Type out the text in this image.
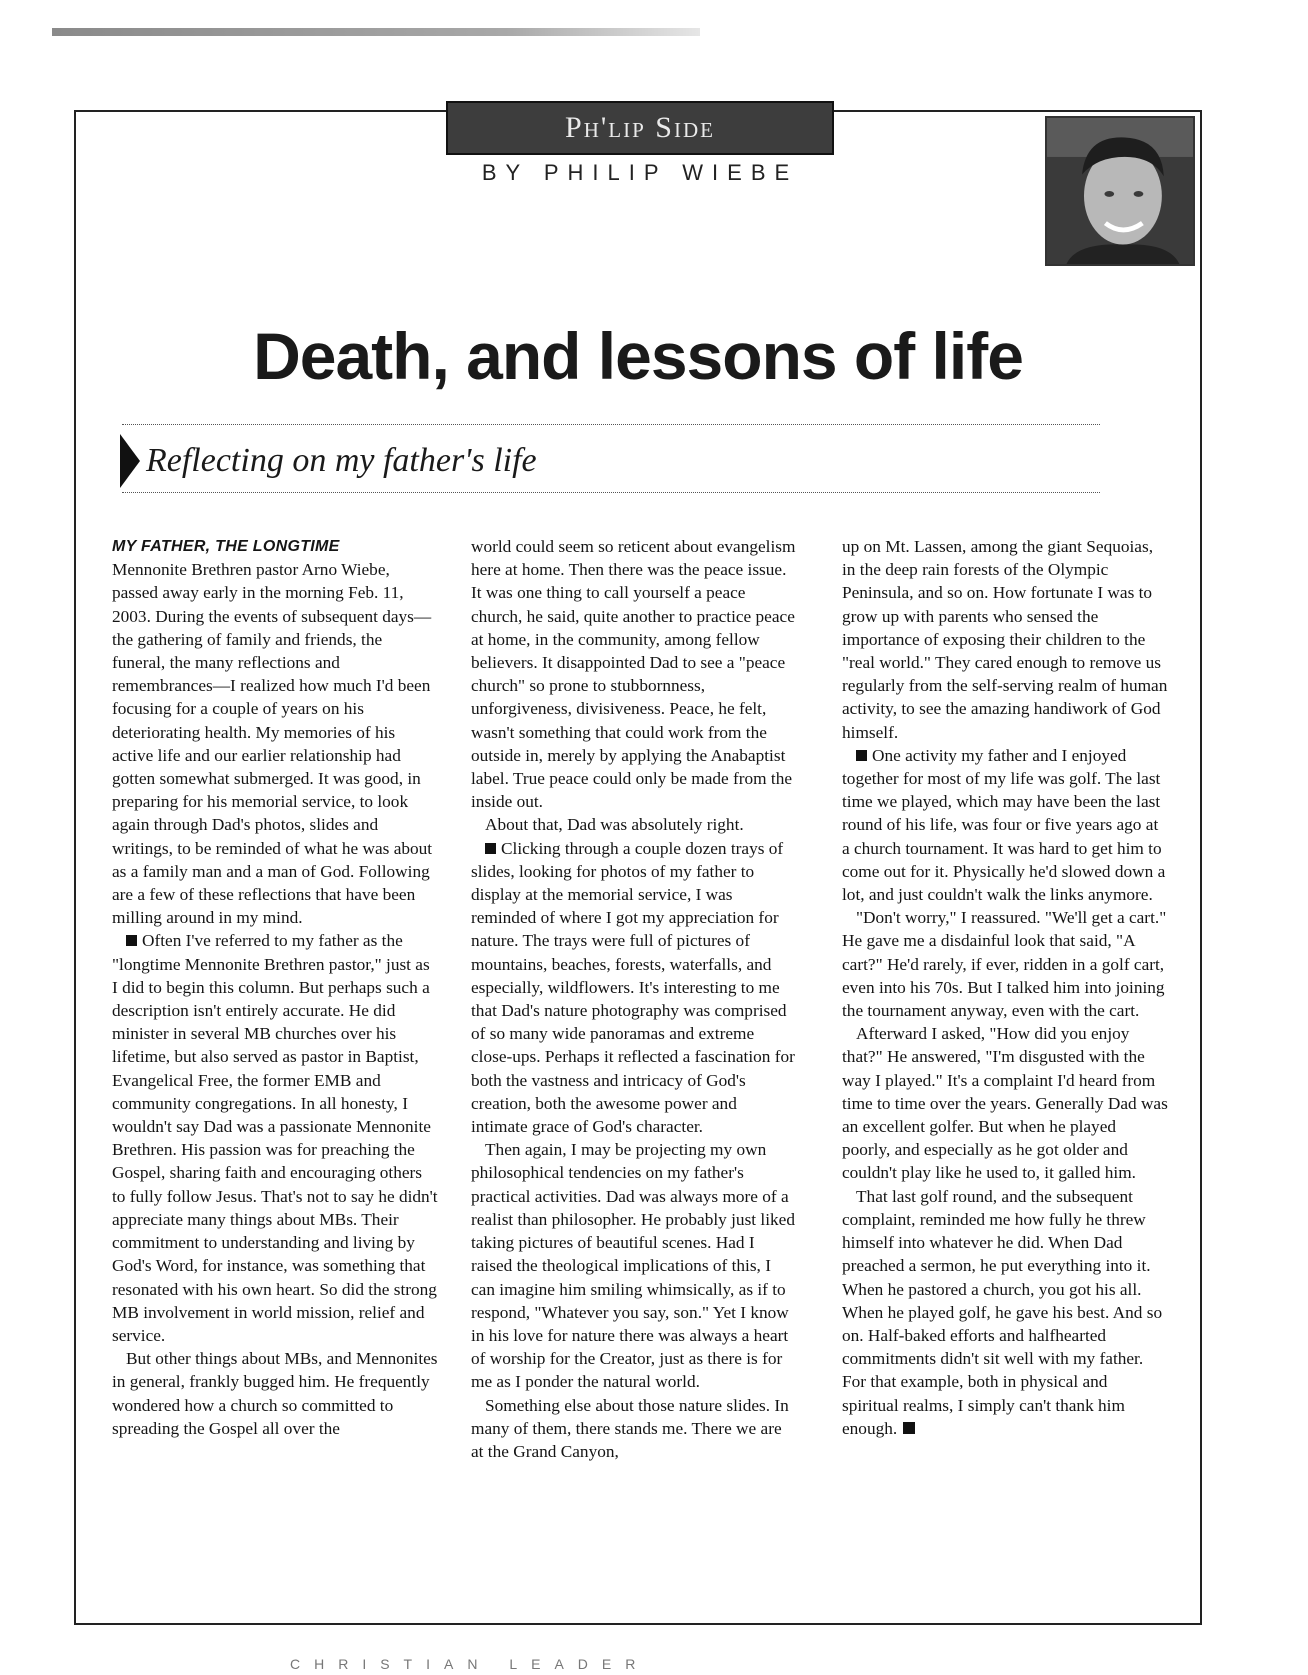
Ph'lip Side
BY PHILIP WIEBE
Death, and lessons of life
Reflecting on my father's life
MY FATHER, THE LONGTIME

Mennonite Brethren pastor Arno Wiebe, passed away early in the morning Feb. 11, 2003. During the events of subsequent days—the gathering of family and friends, the funeral, the many reflections and remembrances—I realized how much I'd been focusing for a couple of years on his deteriorating health. My memories of his active life and our earlier relationship had gotten somewhat submerged. It was good, in preparing for his memorial service, to look again through Dad's photos, slides and writings, to be reminded of what he was about as a family man and a man of God. Following are a few of these reflections that have been milling around in my mind.

Often I've referred to my father as the "longtime Mennonite Brethren pastor," just as I did to begin this column. But perhaps such a description isn't entirely accurate. He did minister in several MB churches over his lifetime, but also served as pastor in Baptist, Evangelical Free, the former EMB and community congregations. In all honesty, I wouldn't say Dad was a passionate Mennonite Brethren. His passion was for preaching the Gospel, sharing faith and encouraging others to fully follow Jesus. That's not to say he didn't appreciate many things about MBs. Their commitment to understanding and living by God's Word, for instance, was something that resonated with his own heart. So did the strong MB involvement in world mission, relief and service.

But other things about MBs, and Mennonites in general, frankly bugged him. He frequently wondered how a church so committed to spreading the Gospel all over the

world could seem so reticent about evangelism here at home. Then there was the peace issue. It was one thing to call yourself a peace church, he said, quite another to practice peace at home, in the community, among fellow believers. It disappointed Dad to see a "peace church" so prone to stubbornness, unforgiveness, divisiveness. Peace, he felt, wasn't something that could work from the outside in, merely by applying the Anabaptist label. True peace could only be made from the inside out.

About that, Dad was absolutely right.

Clicking through a couple dozen trays of slides, looking for photos of my father to display at the memorial service, I was reminded of where I got my appreciation for nature. The trays were full of pictures of mountains, beaches, forests, waterfalls, and especially, wildflowers. It's interesting to me that Dad's nature photography was comprised of so many wide panoramas and extreme close-ups. Perhaps it reflected a fascination for both the vastness and intricacy of God's creation, both the awesome power and intimate grace of God's character.

Then again, I may be projecting my own philosophical tendencies on my father's practical activities. Dad was always more of a realist than philosopher. He probably just liked taking pictures of beautiful scenes. Had I raised the theological implications of this, I can imagine him smiling whimsically, as if to respond, "Whatever you say, son." Yet I know in his love for nature there was always a heart of worship for the Creator, just as there is for me as I ponder the natural world.

Something else about those nature slides. In many of them, there stands me. There we are at the Grand Canyon,

up on Mt. Lassen, among the giant Sequoias, in the deep rain forests of the Olympic Peninsula, and so on. How fortunate I was to grow up with parents who sensed the importance of exposing their children to the "real world." They cared enough to remove us regularly from the self-serving realm of human activity, to see the amazing handiwork of God himself.

One activity my father and I enjoyed together for most of my life was golf. The last time we played, which may have been the last round of his life, was four or five years ago at a church tournament. It was hard to get him to come out for it. Physically he'd slowed down a lot, and just couldn't walk the links anymore.

"Don't worry," I reassured. "We'll get a cart." He gave me a disdainful look that said, "A cart?" He'd rarely, if ever, ridden in a golf cart, even into his 70s. But I talked him into joining the tournament anyway, even with the cart.

Afterward I asked, "How did you enjoy that?" He answered, "I'm disgusted with the way I played." It's a complaint I'd heard from time to time over the years. Generally Dad was an excellent golfer. But when he played poorly, and especially as he got older and couldn't play like he used to, it galled him.

That last golf round, and the subsequent complaint, reminded me how fully he threw himself into whatever he did. When Dad preached a sermon, he put everything into it. When he pastored a church, you got his all. When he played golf, he gave his best. And so on. Half-baked efforts and halfhearted commitments didn't sit well with my father. For that example, both in physical and spiritual realms, I simply can't thank him enough.

CHRISTIAN LEADER
